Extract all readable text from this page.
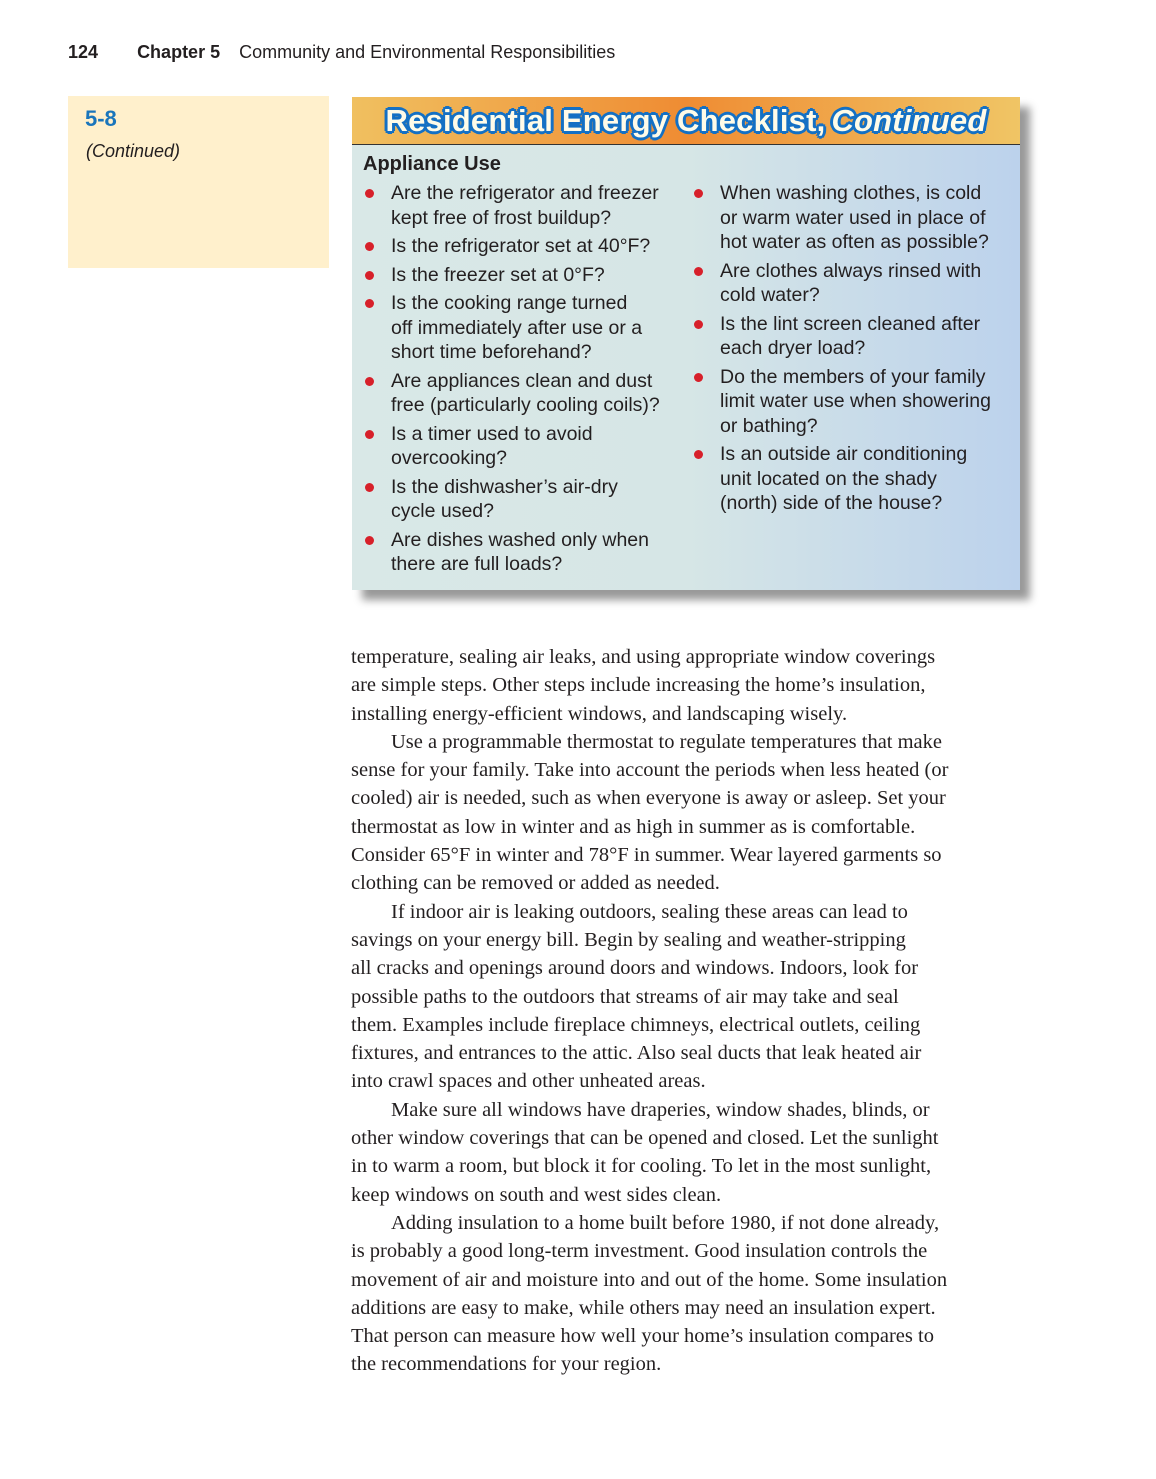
124 Chapter 5 Community and Environmental Responsibilities
5-8
(Continued)
Residential Energy Checklist, Continued
Appliance Use
Are the refrigerator and freezer
kept free of frost buildup?
Is the refrigerator set at 40°F?
Is the freezer set at 0°F?
Is the cooking range turned
off immediately after use or a
short time beforehand?
Are appliances clean and dust
free (particularly cooling coils)?
Is a timer used to avoid
overcooking?
Is the dishwasher’s air-dry
cycle used?
Are dishes washed only when
there are full loads?
When washing clothes, is cold
or warm water used in place of
hot water as often as possible?
Are clothes always rinsed with
cold water?
Is the lint screen cleaned after
each dryer load?
Do the members of your family
limit water use when showering
or bathing?
Is an outside air conditioning
unit located on the shady
(north) side of the house?
temperature, sealing air leaks, and using appropriate window coverings
are simple steps. Other steps include increasing the home’s insulation,
installing energy-efficient windows, and landscaping wisely.
Use a programmable thermostat to regulate temperatures that make
sense for your family. Take into account the periods when less heated (or
cooled) air is needed, such as when everyone is away or asleep. Set your
thermostat as low in winter and as high in summer as is comfortable.
Consider 65°F in winter and 78°F in summer. Wear layered garments so
clothing can be removed or added as needed.
If indoor air is leaking outdoors, sealing these areas can lead to
savings on your energy bill. Begin by sealing and weather-stripping
all cracks and openings around doors and windows. Indoors, look for
possible paths to the outdoors that streams of air may take and seal
them. Examples include fireplace chimneys, electrical outlets, ceiling
fixtures, and entrances to the attic. Also seal ducts that leak heated air
into crawl spaces and other unheated areas.
Make sure all windows have draperies, window shades, blinds, or
other window coverings that can be opened and closed. Let the sunlight
in to warm a room, but block it for cooling. To let in the most sunlight,
keep windows on south and west sides clean.
Adding insulation to a home built before 1980, if not done already,
is probably a good long-term investment. Good insulation controls the
movement of air and moisture into and out of the home. Some insulation
additions are easy to make, while others may need an insulation expert.
That person can measure how well your home’s insulation compares to
the recommendations for your region.
